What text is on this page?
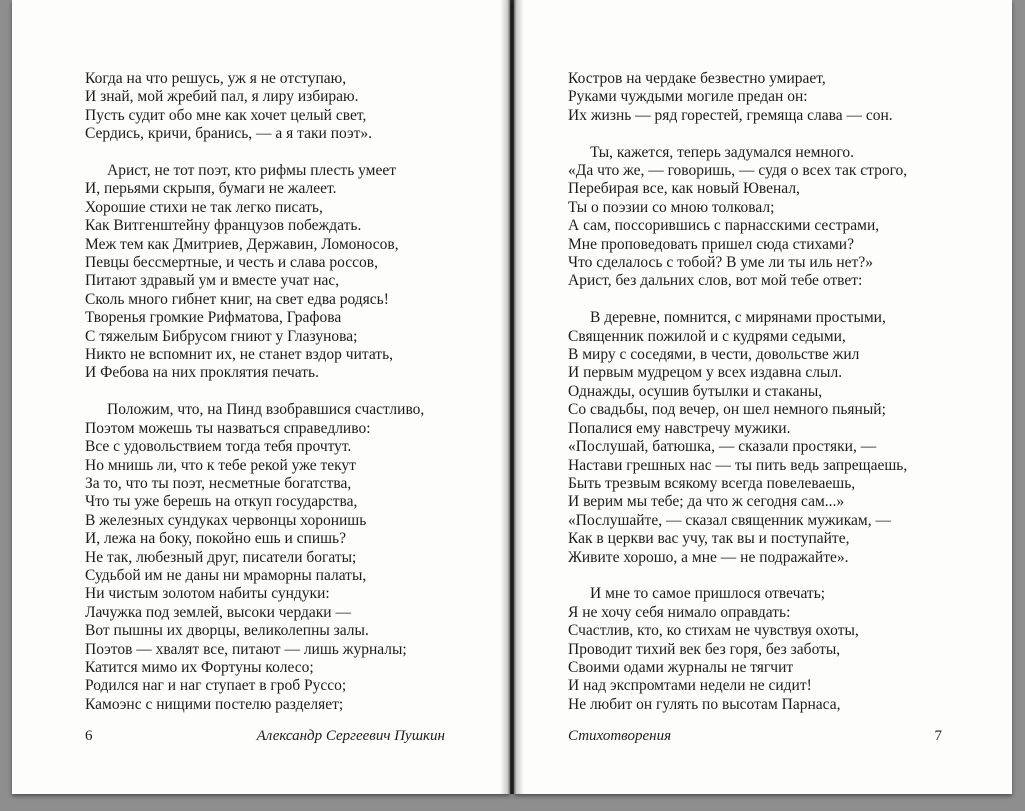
Когда на что решусь, уж я не отступаю,
И знай, мой жребий пал, я лиру избираю.
Пусть судит обо мне как хочет целый свет,
Сердись, кричи, бранись, — а я таки поэт».
Арист, не тот поэт, кто рифмы плесть умеет
И, перьями скрыпя, бумаги не жалеет.
Хорошие стихи не так легко писать,
Как Витгенштейну французов побеждать.
Меж тем как Дмитриев, Державин, Ломоносов,
Певцы бессмертные, и честь и слава россов,
Питают здравый ум и вместе учат нас,
Сколь много гибнет книг, на свет едва родясь!
Творенья громкие Рифматова, Графова
С тяжелым Бибрусом гниют у Глазунова;
Никто не вспомнит их, не станет вздор читать,
И Фебова на них проклятия печать.
Положим, что, на Пинд взобравшися счастливо,
Поэтом можешь ты назваться справедливо:
Все с удовольствием тогда тебя прочтут.
Но мнишь ли, что к тебе рекой уже текут
За то, что ты поэт, несметные богатства,
Что ты уже берешь на откуп государства,
В железных сундуках червонцы хоронишь
И, лежа на боку, покойно ешь и спишь?
Не так, любезный друг, писатели богаты;
Судьбой им не даны ни мраморны палаты,
Ни чистым золотом набиты сундуки:
Лачужка под землей, высоки чердаки —
Вот пышны их дворцы, великолепны залы.
Поэтов — хвалят все, питают — лишь журналы;
Катится мимо их Фортуны колесо;
Родился наг и наг ступает в гроб Руссо;
Камоэнс с нищими постелю разделяет;
6	Александр Сергеевич Пушкин
Костров на чердаке безвестно умирает,
Руками чуждыми могиле предан он:
Их жизнь — ряд горестей, гремяща слава — сон.
Ты, кажется, теперь задумался немного.
«Да что же, — говоришь, — судя о всех так строго,
Перебирая все, как новый Ювенал,
Ты о поэзии со мною толковал;
А сам, поссорившись с парнасскими сестрами,
Мне проповедовать пришел сюда стихами?
Что сделалось с тобой? В уме ли ты иль нет?»
Арист, без дальних слов, вот мой тебе ответ:
В деревне, помнится, с мирянами простыми,
Священник пожилой и с кудрями седыми,
В миру с соседями, в чести, довольстве жил
И первым мудрецом у всех издавна слыл.
Однажды, осушив бутылки и стаканы,
Со свадьбы, под вечер, он шел немного пьяный;
Попалися ему навстречу мужики.
«Послушай, батюшка, — сказали простяки, —
Настави грешных нас — ты пить ведь запрещаешь,
Быть трезвым всякому всегда повелеваешь,
И верим мы тебе; да что ж сегодня сам...»
«Послушайте, — сказал священник мужикам, —
Как в церкви вас учу, так вы и поступайте,
Живите хорошо, а мне — не подражайте».
И мне то самое пришлося отвечать;
Я не хочу себя нимало оправдать:
Счастлив, кто, ко стихам не чувствуя охоты,
Проводит тихий век без горя, без заботы,
Своими одами журналы не тягчит
И над экспромтами недели не сидит!
Не любит он гулять по высотам Парнаса,
Стихотворения	7
